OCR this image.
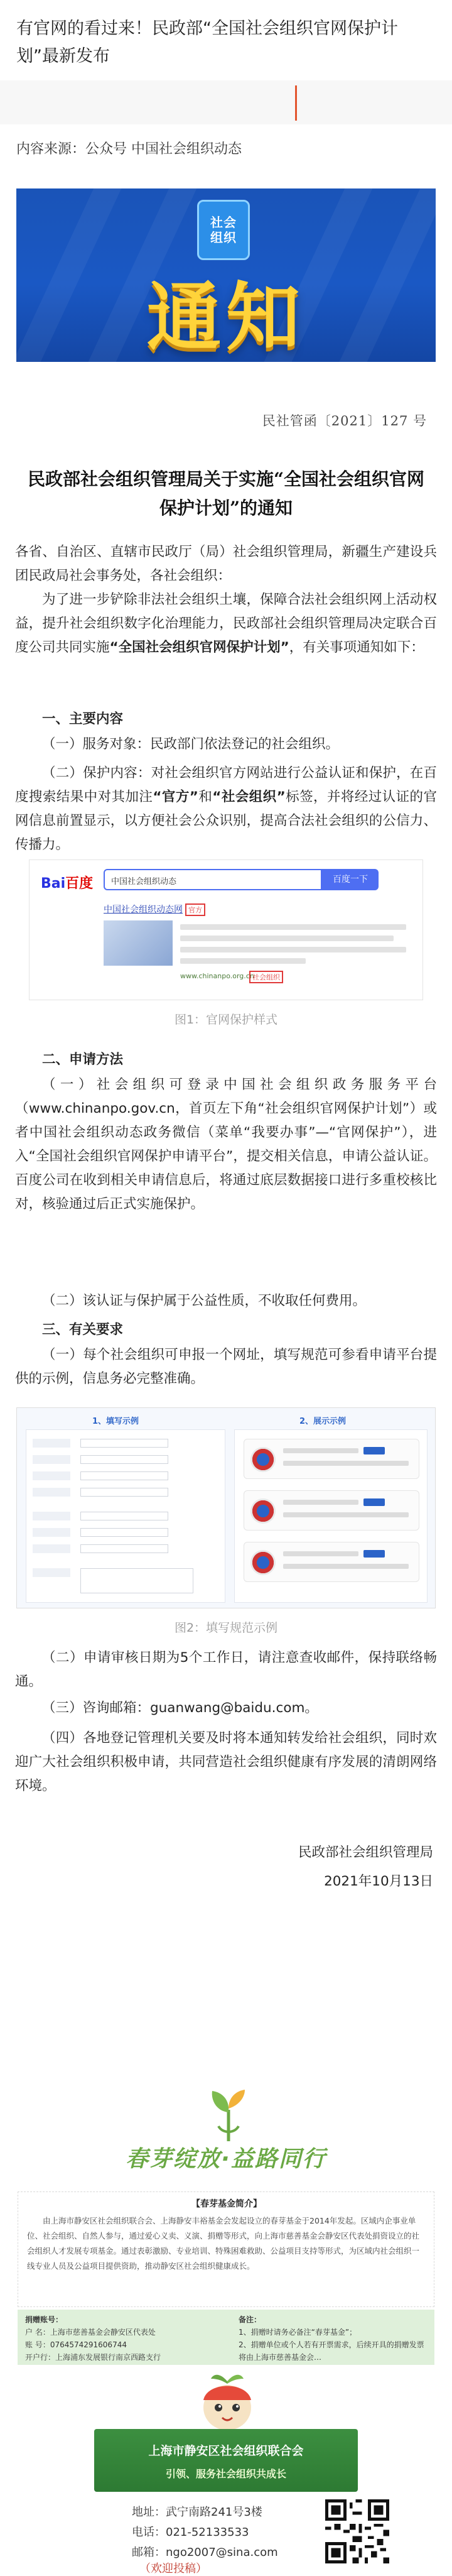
有官网的看过来！民政部“全国社会组织官网保护计划”最新发布
内容来源：公众号 中国社会组织动态
社会
组织
通知
民社管函〔2021〕127 号
民政部社会组织管理局关于实施“全国社会组织官网保护计划”的通知
各省、自治区、直辖市民政厅（局）社会组织管理局，新疆生产建设兵团民政局社会事务处，各社会组织：
为了进一步铲除非法社会组织土壤，保障合法社会组织网上活动权益，提升社会组织数字化治理能力，民政部社会组织管理局决定联合百度公司共同实施“全国社会组织官网保护计划”，有关事项通知如下：
一、主要内容
（一）服务对象：民政部门依法登记的社会组织。
（二）保护内容：对社会组织官方网站进行公益认证和保护，在百度搜索结果中对其加注“官方”和“社会组织”标签，并将经过认证的官网信息前置显示，以方便社会公众识别，提高合法社会组织的公信力、传播力。
Bai百度	中国社会组织动态	百度一下
中国社会组织动态网 官方
www.chinanpo.org.cn
社会组织
图1：官网保护样式
二、申请方法
（一）社会组织可登录中国社会组织政务服务平台（www.chinanpo.gov.cn，首页左下角“社会组织官网保护计划”）或者中国社会组织动态政务微信（菜单“我要办事”—“官网保护”），进入“全国社会组织官网保护申请平台”，提交相关信息，申请公益认证。百度公司在收到相关申请信息后，将通过底层数据接口进行多重校核比对，核验通过后正式实施保护。
（二）该认证与保护属于公益性质，不收取任何费用。
三、有关要求
（一）每个社会组织可申报一个网址，填写规范可参看申请平台提供的示例，信息务必完整准确。
1、填写示例	2、展示示例
图2：填写规范示例
（二）申请审核日期为5个工作日，请注意查收邮件，保持联络畅通。
（三）咨询邮箱：guanwang@baidu.com。
（四）各地登记管理机关要及时将本通知转发给社会组织，同时欢迎广大社会组织积极申请，共同营造社会组织健康有序发展的清朗网络环境。
民政部社会组织管理局
2021年10月13日
春芽绽放·益路同行
【春芽基金简介】
由上海市静安区社会组织联合会、上海静安丰裕基金会发起设立的春芽基金于2014年发起。区域内企事业单位、社会组织、自然人参与，通过爱心义卖、义演、捐赠等形式，向上海市慈善基金会静安区代表处捐资设立的社会组织人才发展专项基金。通过表彰激励、专业培训、特殊困难救助、公益项目支持等形式，为区域内社会组织一线专业人员及公益项目提供资助，推动静安区社会组织健康成长。
捐赠账号：
户 名：上海市慈善基金会静安区代表处
账 号：0764574291606744
开户行：上海浦东发展银行南京西路支行
备注：
1、捐赠时请务必备注“春芽基金”；
2、捐赠单位或个人若有开票需求，后续开具的捐赠发票将由上海市慈善基金会…
上海市静安区社会组织联合会
引领、服务社会组织共成长
地址：武宁南路241号3楼
电话：021-52133533
邮箱：ngo2007@sina.com
（欢迎投稿）
